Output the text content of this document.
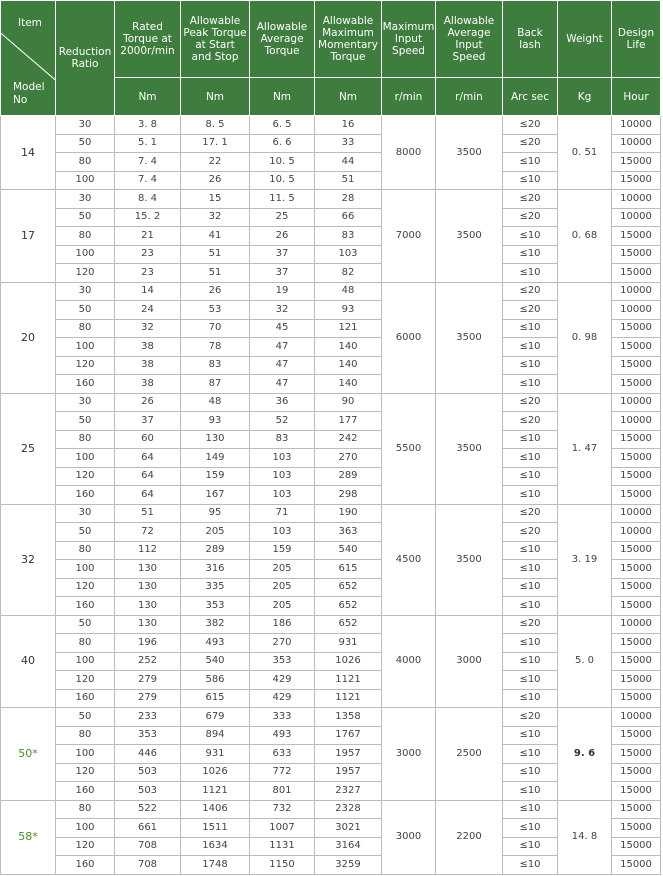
Item
Model
No	Reduction
Ratio	Rated
Torque at
2000r/min	Allowable
Peak Torque
at Start
and Stop	Allowable
Average
Torque	Allowable
Maximum
Momentary
Torque	Maximum
Input
Speed	Allowable
Average
Input
Speed	Back
lash	Weight	Design
Life
		Nm	Nm	Nm	Nm	r/min	r/min	Arc sec	Kg	Hour
14	30	3. 8	8. 5	6. 5	16	8000	3500	≤20	0. 51	10000
	50	5. 1	17. 1	6. 6	33			≤20		10000
	80	7. 4	22	10. 5	44			≤10		15000
	100	7. 4	26	10. 5	51			≤10		15000
17	30	8. 4	15	11. 5	28	7000	3500	≤20	0. 68	10000
	50	15. 2	32	25	66			≤20		10000
	80	21	41	26	83			≤10		15000
	100	23	51	37	103			≤10		15000
	120	23	51	37	82			≤10		15000
20	30	14	26	19	48	6000	3500	≤20	0. 98	10000
	50	24	53	32	93			≤20		10000
	80	32	70	45	121			≤10		15000
	100	38	78	47	140			≤10		15000
	120	38	83	47	140			≤10		15000
	160	38	87	47	140			≤10		15000
25	30	26	48	36	90	5500	3500	≤20	1. 47	10000
	50	37	93	52	177			≤20		10000
	80	60	130	83	242			≤10		15000
	100	64	149	103	270			≤10		15000
	120	64	159	103	289			≤10		15000
	160	64	167	103	298			≤10		15000
32	30	51	95	71	190	4500	3500	≤20	3. 19	10000
	50	72	205	103	363			≤20		10000
	80	112	289	159	540			≤10		15000
	100	130	316	205	615			≤10		15000
	120	130	335	205	652			≤10		15000
	160	130	353	205	652			≤10		15000
40	50	130	382	186	652	4000	3000	≤20	5. 0	10000
	80	196	493	270	931			≤10		15000
	100	252	540	353	1026			≤10		15000
	120	279	586	429	1121			≤10		15000
	160	279	615	429	1121			≤10		15000
50*	50	233	679	333	1358	3000	2500	≤20	9. 6	10000
	80	353	894	493	1767			≤10		15000
	100	446	931	633	1957			≤10		15000
	120	503	1026	772	1957			≤10		15000
	160	503	1121	801	2327			≤10		15000
58*	80	522	1406	732	2328	3000	2200	≤10	14. 8	15000
	100	661	1511	1007	3021			≤10		15000
	120	708	1634	1131	3164			≤10		15000
	160	708	1748	1150	3259			≤10		15000
